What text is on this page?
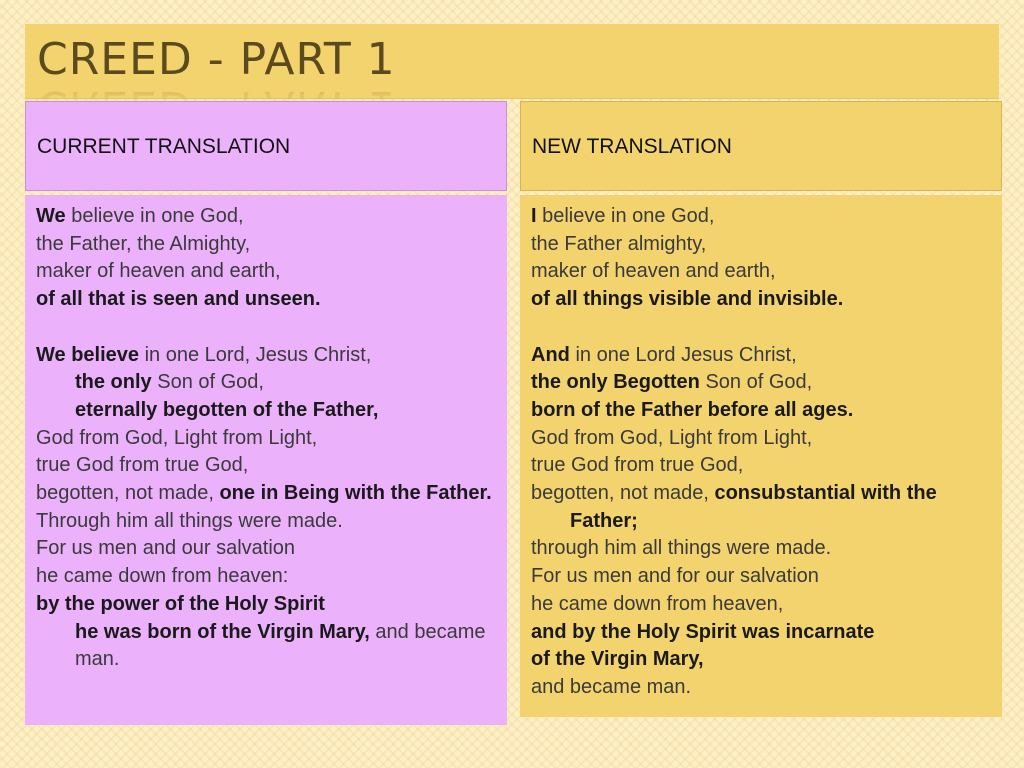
CREED - PART 1
CURRENT TRANSLATION	NEW TRANSLATION

We believe in one God,

the Father, the Almighty,

maker of heaven and earth,

of all that is seen and unseen.

We believe in one Lord, Jesus Christ,

the only Son of God,

eternally begotten of the Father,

God from God, Light from Light,

true God from true God,

begotten, not made, one in Being with the Father.

Through him all things were made.

For us men and our salvation

he came down from heaven:

by the power of the Holy Spirit

he was born of the Virgin Mary, and became man.

I believe in one God,

the Father almighty,

maker of heaven and earth,

of all things visible and invisible.

And in one Lord Jesus Christ,

the only Begotten Son of God,

born of the Father before all ages.

God from God, Light from Light,

true God from true God,

begotten, not made, consubstantial with the Father;

through him all things were made.

For us men and for our salvation

he came down from heaven,

and by the Holy Spirit was incarnate

of the Virgin Mary,

and became man.
